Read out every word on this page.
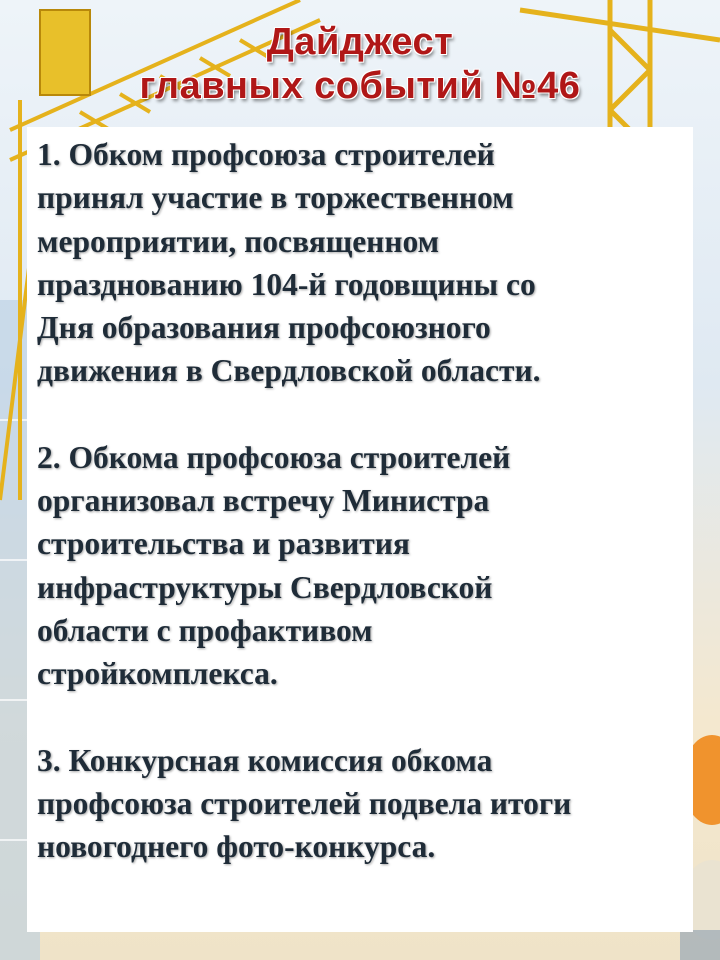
Дайджест
главных событий №46
1. Обком профсоюза строителей
принял участие в торжественном
мероприятии, посвященном
празднованию 104-й годовщины со
Дня образования профсоюзного
движения в Свердловской области.
2. Обкома профсоюза строителей
организовал встречу Министра
строительства и развития
инфраструктуры Свердловской
области с профактивом
стройкомплекса.
3. Конкурсная комиссия обкома
профсоюза строителей подвела итоги
новогоднего фото-конкурса.
